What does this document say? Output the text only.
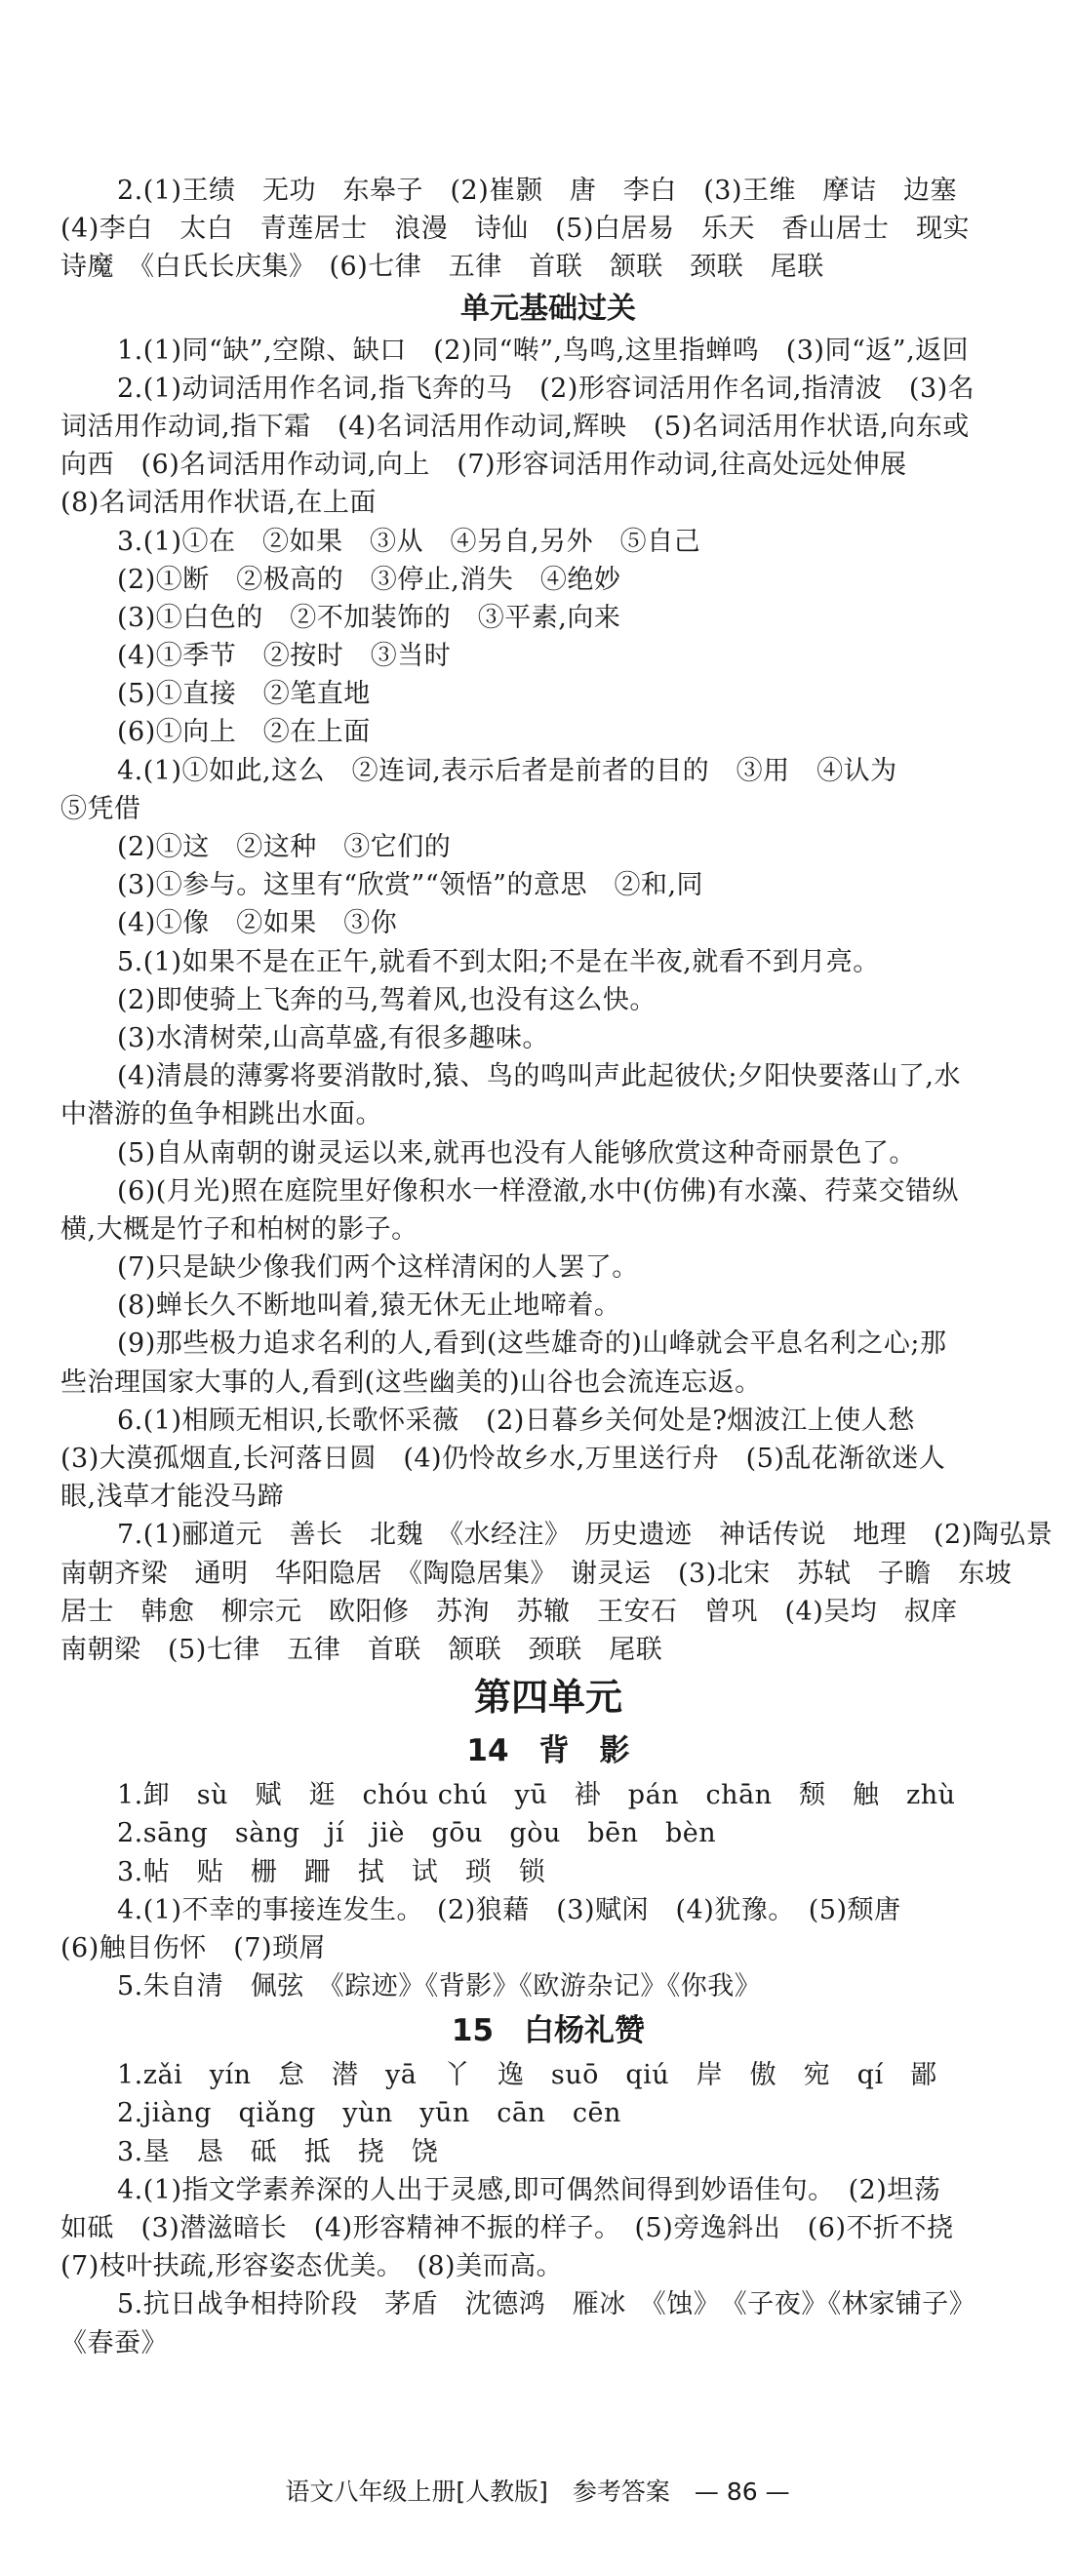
2.(1)王绩　无功　东皋子　(2)崔颢　唐　李白　(3)王维　摩诘　边塞
(4)李白　太白　青莲居士　浪漫　诗仙　(5)白居易　乐天　香山居士　现实
诗魔　《白氏长庆集》　(6)七律　五律　首联　颔联　颈联　尾联
单元基础过关
1.(1)同“缺”,空隙、缺口　(2)同“啭”,鸟鸣,这里指蝉鸣　(3)同“返”,返回
2.(1)动词活用作名词,指飞奔的马　(2)形容词活用作名词,指清波　(3)名
词活用作动词,指下霜　(4)名词活用作动词,辉映　(5)名词活用作状语,向东或
向西　(6)名词活用作动词,向上　(7)形容词活用作动词,往高处远处伸展
(8)名词活用作状语,在上面
3.(1)①在　②如果　③从　④另自,另外　⑤自己
(2)①断　②极高的　③停止,消失　④绝妙
(3)①白色的　②不加装饰的　③平素,向来
(4)①季节　②按时　③当时
(5)①直接　②笔直地
(6)①向上　②在上面
4.(1)①如此,这么　②连词,表示后者是前者的目的　③用　④认为
⑤凭借
(2)①这　②这种　③它们的
(3)①参与。这里有“欣赏”“领悟”的意思　②和,同
(4)①像　②如果　③你
5.(1)如果不是在正午,就看不到太阳;不是在半夜,就看不到月亮。
(2)即使骑上飞奔的马,驾着风,也没有这么快。
(3)水清树荣,山高草盛,有很多趣味。
(4)清晨的薄雾将要消散时,猿、鸟的鸣叫声此起彼伏;夕阳快要落山了,水
中潜游的鱼争相跳出水面。
(5)自从南朝的谢灵运以来,就再也没有人能够欣赏这种奇丽景色了。
(6)(月光)照在庭院里好像积水一样澄澈,水中(仿佛)有水藻、荇菜交错纵
横,大概是竹子和柏树的影子。
(7)只是缺少像我们两个这样清闲的人罢了。
(8)蝉长久不断地叫着,猿无休无止地啼着。
(9)那些极力追求名利的人,看到(这些雄奇的)山峰就会平息名利之心;那
些治理国家大事的人,看到(这些幽美的)山谷也会流连忘返。
6.(1)相顾无相识,长歌怀采薇　(2)日暮乡关何处是?烟波江上使人愁
(3)大漠孤烟直,长河落日圆　(4)仍怜故乡水,万里送行舟　(5)乱花渐欲迷人
眼,浅草才能没马蹄
7.(1)郦道元　善长　北魏　《水经注》　历史遗迹　神话传说　地理　(2)陶弘景
南朝齐梁　通明　华阳隐居　《陶隐居集》　谢灵运　(3)北宋　苏轼　子瞻　东坡
居士　韩愈　柳宗元　欧阳修　苏洵　苏辙　王安石　曾巩　(4)吴均　叔庠
南朝梁　(5)七律　五律　首联　颔联　颈联　尾联
第四单元
14　背　影
1.卸　sù　赋　逛　chóu chú　yū　褂　pán　chān　颓　触　zhù
2.sāng　sàng　jí　jiè　gōu　gòu　bēn　bèn
3.帖　贴　栅　跚　拭　试　琐　锁
4.(1)不幸的事接连发生。　(2)狼藉　(3)赋闲　(4)犹豫。　(5)颓唐
(6)触目伤怀　(7)琐屑
5.朱自清　佩弦　《踪迹》《背影》《欧游杂记》《你我》
15　白杨礼赞
1.zǎi　yín　怠　潜　yā　丫　逸　suō　qiú　岸　傲　宛　qí　鄙
2.jiàng　qiǎng　yùn　yūn　cān　cēn
3.垦　恳　砥　抵　挠　饶
4.(1)指文学素养深的人出于灵感,即可偶然间得到妙语佳句。　(2)坦荡
如砥　(3)潜滋暗长　(4)形容精神不振的样子。　(5)旁逸斜出　(6)不折不挠
(7)枝叶扶疏,形容姿态优美。　(8)美而高。
5.抗日战争相持阶段　茅盾　沈德鸿　雁冰　《蚀》　《子夜》《林家铺子》
《春蚕》
语文八年级上册[人教版]　参考答案　— 86 —
